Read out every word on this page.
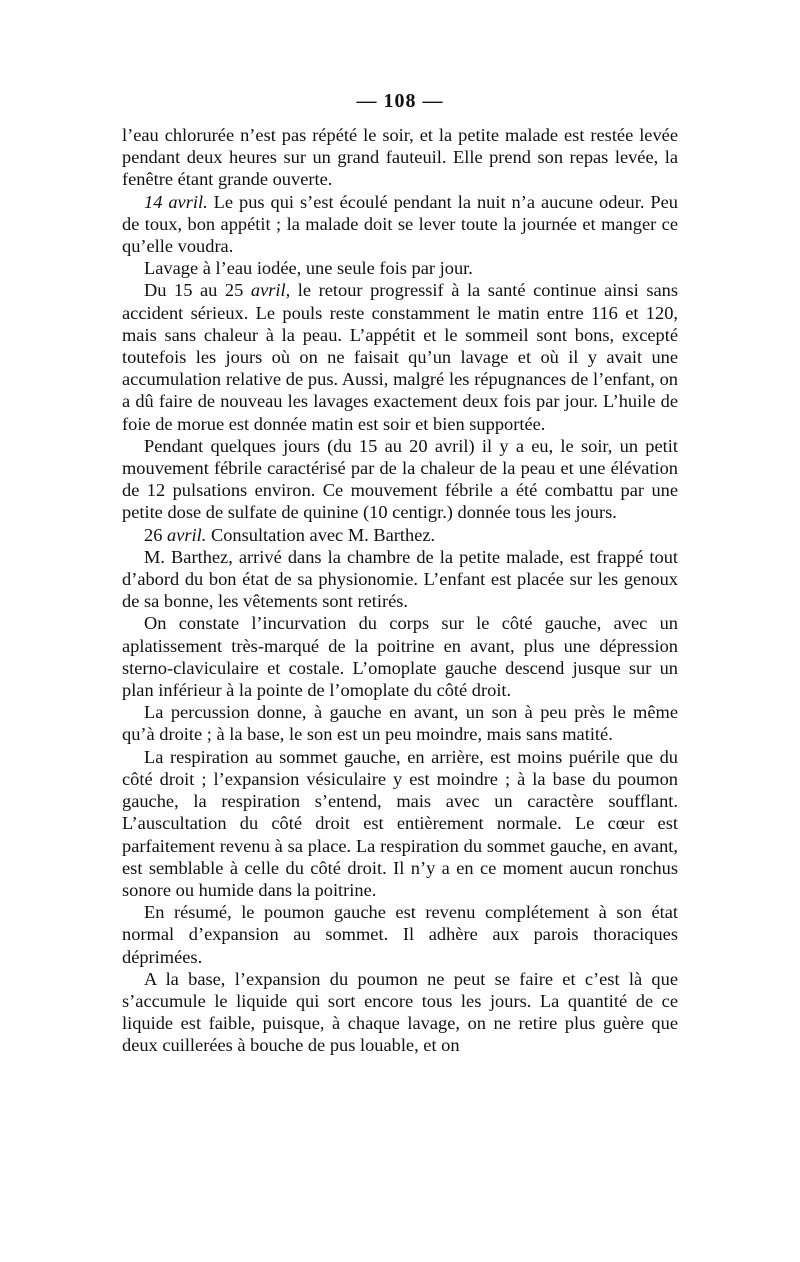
— 108 —

l’eau chlorurée n’est pas répété le soir, et la petite malade est restée levée pendant deux heures sur un grand fauteuil. Elle prend son repas levée, la fenêtre étant grande ouverte.

14 avril. Le pus qui s’est écoulé pendant la nuit n’a aucune odeur. Peu de toux, bon appétit ; la malade doit se lever toute la journée et manger ce qu’elle voudra.

Lavage à l’eau iodée, une seule fois par jour.

Du 15 au 25 avril, le retour progressif à la santé continue ainsi sans accident sérieux. Le pouls reste constamment le matin entre 116 et 120, mais sans chaleur à la peau. L’appétit et le sommeil sont bons, excepté toutefois les jours où on ne faisait qu’un lavage et où il y avait une accumulation relative de pus. Aussi, malgré les répugnances de l’enfant, on a dû faire de nouveau les lavages exactement deux fois par jour. L’huile de foie de morue est donnée matin est soir et bien supportée.

Pendant quelques jours (du 15 au 20 avril) il y a eu, le soir, un petit mouvement fébrile caractérisé par de la chaleur de la peau et une élévation de 12 pulsations environ. Ce mouvement fébrile a été combattu par une petite dose de sulfate de quinine (10 centigr.) donnée tous les jours.

26 avril. Consultation avec M. Barthez.

M. Barthez, arrivé dans la chambre de la petite malade, est frappé tout d’abord du bon état de sa physionomie. L’enfant est placée sur les genoux de sa bonne, les vêtements sont retirés.

On constate l’incurvation du corps sur le côté gauche, avec un aplatissement très-marqué de la poitrine en avant, plus une dépression sterno-claviculaire et costale. L’omoplate gauche descend jusque sur un plan inférieur à la pointe de l’omoplate du côté droit.

La percussion donne, à gauche en avant, un son à peu près le même qu’à droite ; à la base, le son est un peu moindre, mais sans matité.

La respiration au sommet gauche, en arrière, est moins puérile que du côté droit ; l’expansion vésiculaire y est moindre ; à la base du poumon gauche, la respiration s’entend, mais avec un caractère soufflant. L’auscultation du côté droit est entièrement normale. Le cœur est parfaitement revenu à sa place. La respiration du sommet gauche, en avant, est semblable à celle du côté droit. Il n’y a en ce moment aucun ronchus sonore ou humide dans la poitrine.

En résumé, le poumon gauche est revenu complétement à son état normal d’expansion au sommet. Il adhère aux parois thoraciques déprimées.

A la base, l’expansion du poumon ne peut se faire et c’est là que s’accumule le liquide qui sort encore tous les jours. La quantité de ce liquide est faible, puisque, à chaque lavage, on ne retire plus guère que deux cuillerées à bouche de pus louable, et on
